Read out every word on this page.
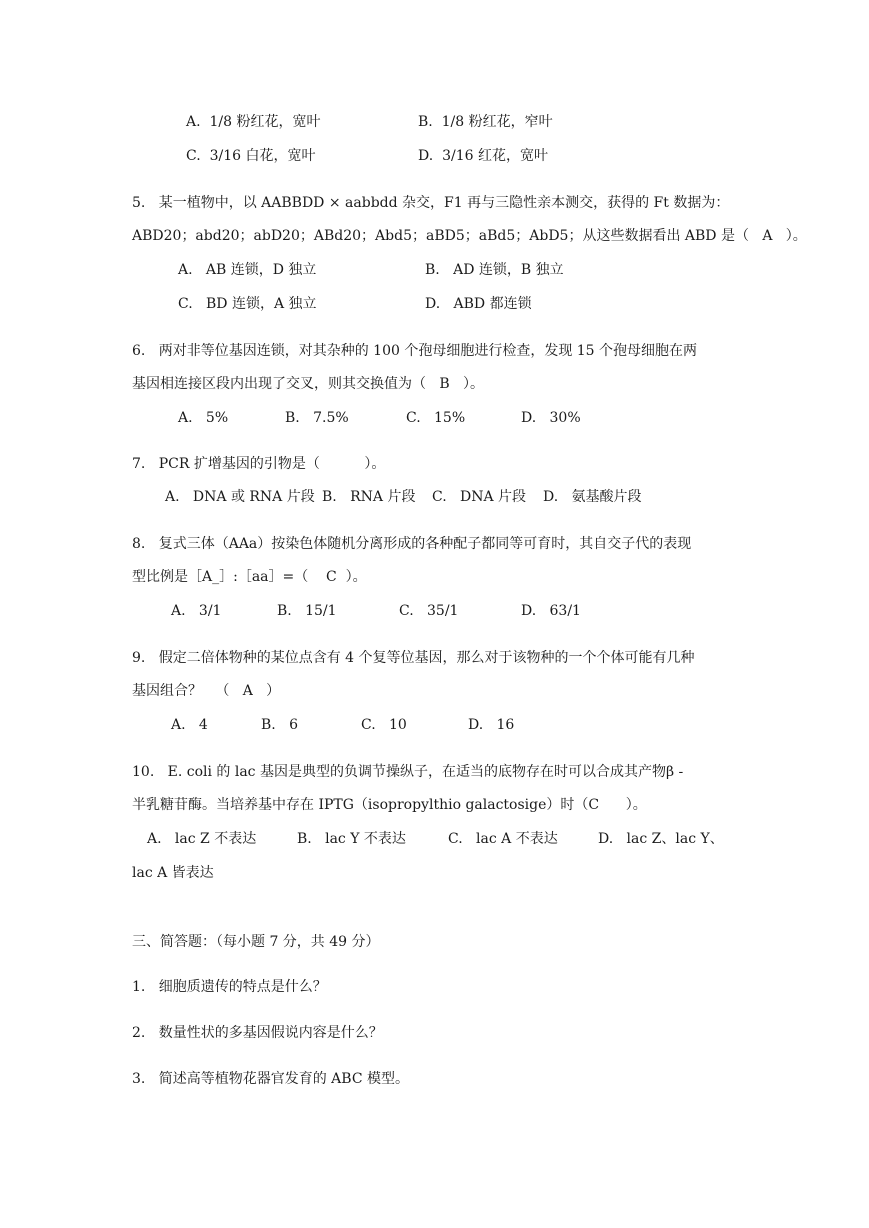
A.  1/8 粉红花，宽叶	B.  1/8 粉红花，窄叶
C.  3/16 白花，宽叶	D.  3/16 红花，宽叶
5.   某一植物中，以 AABBDD × aabbdd 杂交，F1 再与三隐性亲本测交，获得的 Ft 数据为：
ABD20；abd20；abD20；ABd20；Abd5；aBD5；aBd5；AbD5；从这些数据看出 ABD 是（   A   ）。
A.   AB 连锁，D 独立	B.   AD 连锁，B 独立
C.   BD 连锁，A 独立	D.   ABD 都连锁
6.   两对非等位基因连锁，对其杂种的 100 个孢母细胞进行检查，发现 15 个孢母细胞在两
基因相连接区段内出现了交叉，则其交换值为（   B   ）。
A.   5%	B.   7.5%	C.   15%	D.   30%
7.   PCR 扩增基因的引物是（          ）。
A.   DNA 或 RNA 片段 B.   RNA 片段 C.   DNA 片段 D.   氨基酸片段
8.   复式三体（AAa）按染色体随机分离形成的各种配子都同等可育时，其自交子代的表现
型比例是［A_］:［aa］=（    C  ）。
A.   3/1	B.   15/1	C.   35/1	D.   63/1
9.   假定二倍体物种的某位点含有 4 个复等位基因，那么对于该物种的一个个体可能有几种
基因组合？   （   A   ）
A.   4	B.   6	C.   10	D.   16
10.   E. coli 的 lac 基因是典型的负调节操纵子，在适当的底物存在时可以合成其产物β -
半乳糖苷酶。当培养基中存在 IPTG（isopropylthio galactosige）时（C      ）。
A.   lac Z 不表达	B.   lac Y 不表达	C.   lac A 不表达	D.   lac Z、lac Y、
lac A 皆表达
三、简答题：（每小题 7 分，共 49 分）
1.   细胞质遗传的特点是什么？
2.   数量性状的多基因假说内容是什么？
3.   简述高等植物花器官发育的 ABC 模型。
